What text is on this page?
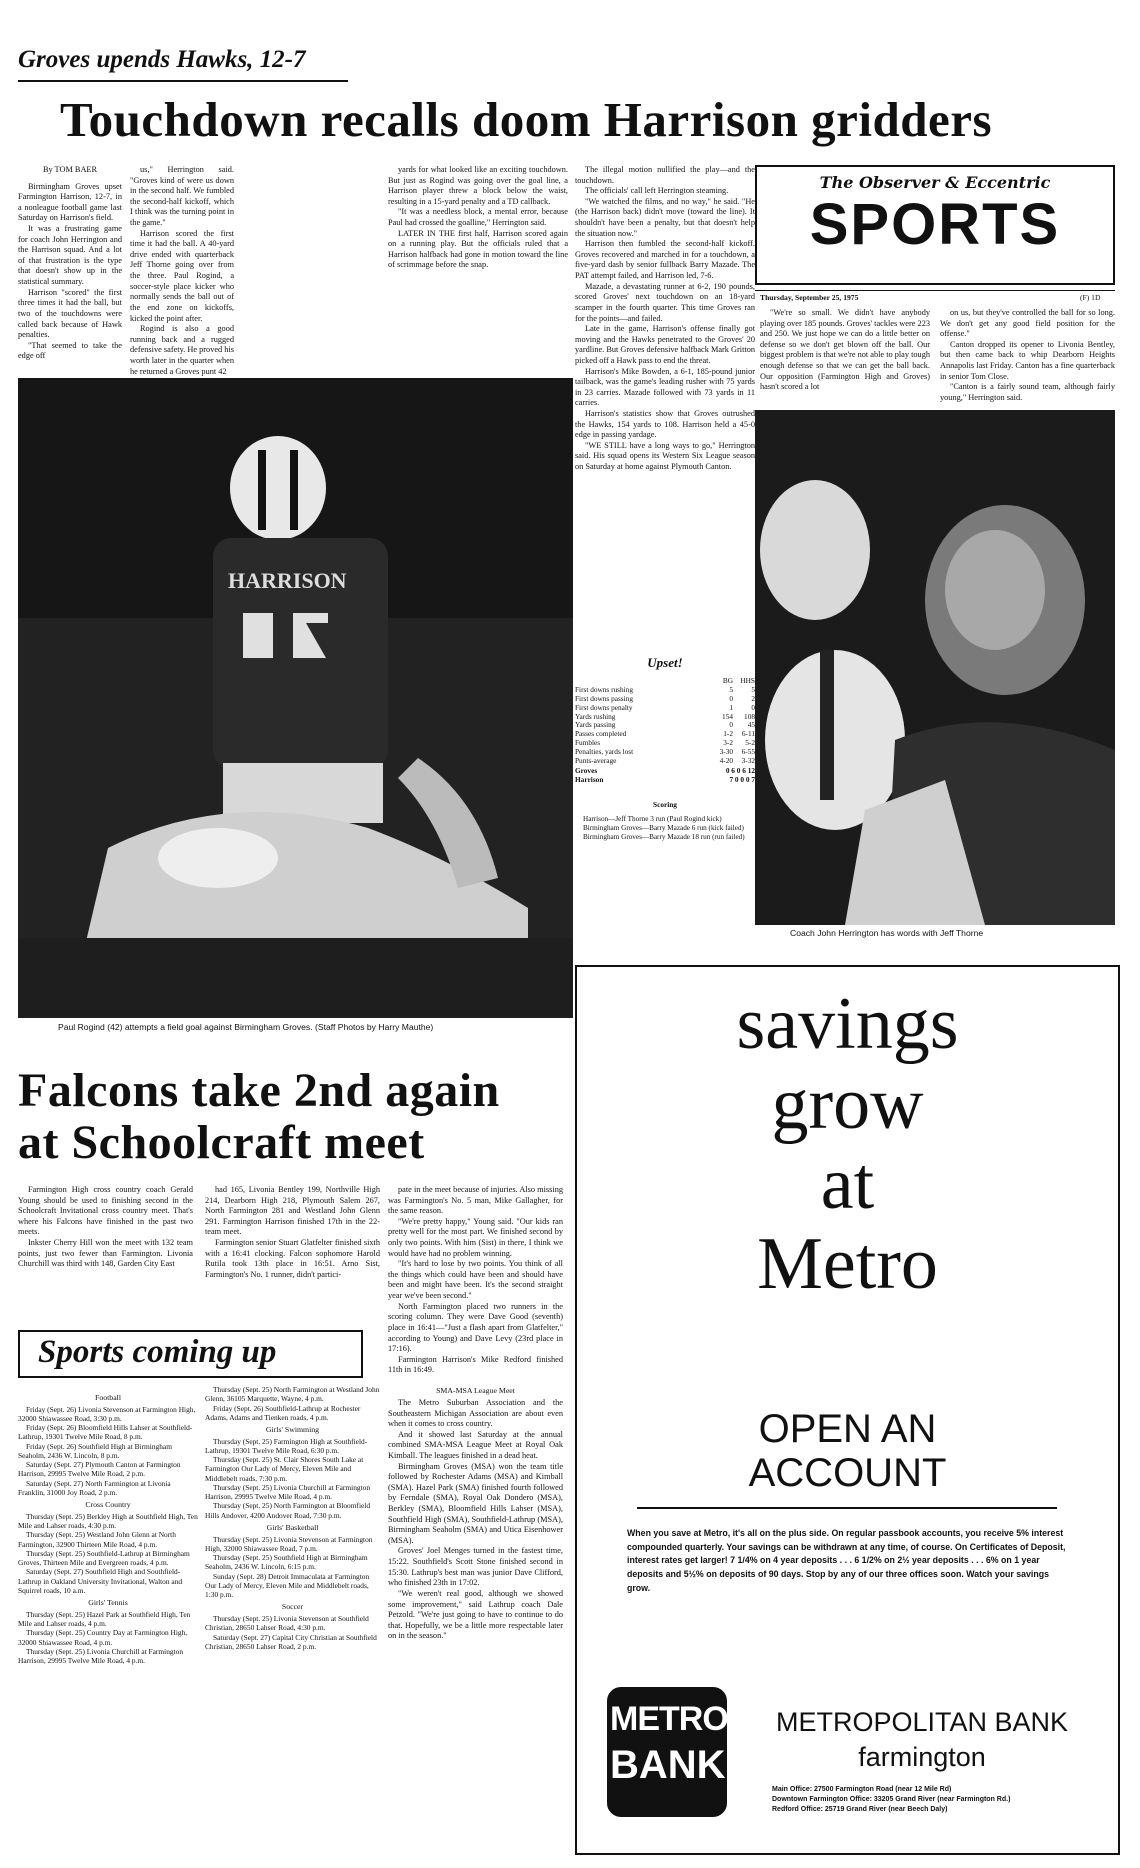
Groves upends Hawks, 12-7
Touchdown recalls doom Harrison gridders
By TOM BAER

Birmingham Groves upset Farmington Harrison, 12-7, in a nonleague football game last Saturday on Harrison's field.

It was a frustrating game for coach John Herrington and the Harrison squad. And a lot of that frustration is the type that doesn't show up in the statistical summary.

Harrison "scored" the first three times it had the ball, but two of the touchdowns were called back because of Hawk penalties.

"That seemed to take the edge off

us," Herrington said. "Groves kind of were us down in the second half. We fumbled the second-half kickoff, which I think was the turning point in the game."

Harrison scored the first time it had the ball. A 40-yard drive ended with quarterback Jeff Thorne going over from the three. Paul Rogind, a soccer-style place kicker who normally sends the ball out of the end zone on kickoffs, kicked the point after.

Rogind is also a good running back and a rugged defensive safety. He proved his worth later in the quarter when he returned a Groves punt 42

yards for what looked like an exciting touchdown. But just as Rogind was going over the goal line, a Harrison player threw a block below the waist, resulting in a 15-yard penalty and a TD callback.

"It was a needless block, a mental error, because Paul had crossed the goalline," Herrington said.

LATER IN THE first half, Harrison scored again on a running play. But the officials ruled that a Harrison halfback had gone in motion toward the line of scrimmage before the snap.

The illegal motion nullified the play—and the touchdown.

The officials' call left Herrington steaming.

"We watched the films, and no way," he said. "He (the Harrison back) didn't move (toward the line). It shouldn't have been a penalty, but that doesn't help the situation now."

Harrison then fumbled the second-half kickoff. Groves recovered and marched in for a touchdown, a five-yard dash by senior fullback Barry Mazade. The PAT attempt failed, and Harrison led, 7-6.

Mazade, a devastating runner at 6-2, 190 pounds, scored Groves' next touchdown on an 18-yard scamper in the fourth quarter. This time Groves ran for the points—and failed.

Late in the game, Harrison's offense finally got moving and the Hawks penetrated to the Groves' 20 yardline. But Groves defensive halfback Mark Gritton picked off a Hawk pass to end the threat.

Harrison's Mike Bowden, a 6-1, 185-pound junior tailback, was the game's leading rusher with 75 yards in 23 carries. Mazade followed with 73 yards in 11 carries.

Harrison's statistics show that Groves outrushed the Hawks, 154 yards to 108. Harrison held a 45-0 edge in passing yardage.

"WE STILL have a long ways to go," Herrington said. His squad opens its Western Six League season on Saturday at home against Plymouth Canton.

The Observer & Eccentric
SPORTS
Thursday, September 25, 1975	(F) 1D

"We're so small. We didn't have anybody playing over 185 pounds. Groves' tackles were 223 and 250. We just hope we can do a little better on defense so we don't get blown off the ball. Our biggest problem is that we're not able to play tough enough defense so that we can get the ball back. Our opposition (Farmington High and Groves) hasn't scored a lot

on us, but they've controlled the ball for so long. We don't get any good field position for the offense."

Canton dropped its opener to Livonia Bentley, but then came back to whip Dearborn Heights Annapolis last Friday. Canton has a fine quarterback in senior Tom Close.

"Canton is a fairly sound team, although fairly young," Herrington said.

HARRISON
Paul Rogind (42) attempts a field goal against Birmingham Groves. (Staff Photos by Harry Mauthe)
Upset!
	BG	HHS
First downs rushing	5	5
First downs passing	0	2
First downs penalty	1	0
Yards rushing	154	108
Yards passing	0	45
Passes completed	1-2	6-11
Fumbles	3-2	5-2
Penalties, yards lost	3-30	6-55
Punts-average	4-20	3-32
Groves	0 6 0 6 12
Harrison	7 0 0 0 7
Scoring

Harrison—Jeff Thorne 3 run (Paul Rogind kick)

Birmingham Groves—Barry Mazade 6 run (kick failed)

Birmingham Groves—Barry Mazade 18 run (run failed)

Coach John Herrington has words with Jeff Thorne
Falcons take 2nd again
at Schoolcraft meet

Farmington High cross country coach Gerald Young should be used to finishing second in the Schoolcraft Invitational cross country meet. That's where his Falcons have finished in the past two meets.

Inkster Cherry Hill won the meet with 132 team points, just two fewer than Farmington. Livonia Churchill was third with 148, Garden City East

had 165, Livonia Bentley 199, Northville High 214, Dearborn High 218, Plymouth Salem 267, North Farmington 281 and Westland John Glenn 291. Farmington Harrison finished 17th in the 22-team meet.

Farmington senior Stuart Glatfelter finished sixth with a 16:41 clocking. Falcon sophomore Harold Rutila took 13th place in 16:51. Arno Sist, Farmington's No. 1 runner, didn't partici-

pate in the meet because of injuries. Also missing was Farmington's No. 5 man, Mike Gallagher, for the same reason.

"We're pretty happy," Young said. "Our kids ran pretty well for the most part. We finished second by only two points. With him (Sist) in there, I think we would have had no problem winning.

"It's hard to lose by two points. You think of all the things which could have been and should have been and might have been. It's the second straight year we've been second."

North Farmington placed two runners in the scoring column. They were Dave Good (seventh) place in 16:41—"Just a flash apart from Glatfelter," according to Young) and Dave Levy (23rd place in 17:16).

Farmington Harrison's Mike Redford finished 11th in 16:49.

SMA-MSA League Meet

The Metro Suburban Association and the Southeastern Michigan Association are about even when it comes to cross country.

And it showed last Saturday at the annual combined SMA-MSA League Meet at Royal Oak Kimball. The leagues finished in a dead heat.

Birmingham Groves (MSA) won the team title followed by Rochester Adams (MSA) and Kimball (SMA). Hazel Park (SMA) finished fourth followed by Ferndale (SMA), Royal Oak Dondero (MSA), Berkley (SMA), Bloomfield Hills Lahser (MSA), Southfield High (SMA), Southfield-Lathrup (MSA), Birmingham Seaholm (SMA) and Utica Eisenhower (MSA).

Groves' Joel Menges turned in the fastest time, 15:22. Southfield's Scott Stone finished second in 15:30. Lathrup's best man was junior Dave Clifford, who finished 23th in 17:02.

"We weren't real good, although we showed some improvement," said Lathrup coach Dale Petzold. "We're just going to have to continue to do that. Hopefully, we be a little more respectable later on in the season."

Sports coming up
Football

Friday (Sept. 26) Livonia Stevenson at Farmington High, 32000 Shiawassee Road, 3:30 p.m.

Friday (Sept. 26) Bloomfield Hills Lahser at Southfield-Lathrup, 19301 Twelve Mile Road, 8 p.m.

Friday (Sept. 26) Southfield High at Birmingham Seaholm, 2436 W. Lincoln, 8 p.m.

Saturday (Sept. 27) Plymouth Canton at Farmington Harrison, 29995 Twelve Mile Road, 2 p.m.

Saturday (Sept. 27) North Farmington at Livonia Franklin, 31000 Joy Road, 2 p.m.

Cross Country

Thursday (Sept. 25) Berkley High at Southfield High, Ten Mile and Lahser roads, 4:30 p.m.

Thursday (Sept. 25) Westland John Glenn at North Farmington, 32900 Thirteen Mile Road, 4 p.m.

Thursday (Sept. 25) Southfield-Lathrup at Birmingham Groves, Thirteen Mile and Evergreen roads, 4 p.m.

Saturday (Sept. 27) Southfield High and Southfield-Lathrup in Oakland University Invitational, Walton and Squirrel roads, 10 a.m.

Girls' Tennis

Thursday (Sept. 25) Hazel Park at Southfield High, Ten Mile and Lahser roads, 4 p.m.

Thursday (Sept. 25) Country Day at Farmington High, 32000 Shiawassee Road, 4 p.m.

Thursday (Sept. 25) Livonia Churchill at Farmington Harrison, 29995 Twelve Mile Road, 4 p.m.

Thursday (Sept. 25) North Farmington at Westland John Glenn, 36105 Marquette, Wayne, 4 p.m.

Friday (Sept. 26) Southfield-Lathrup at Rochester Adams, Adams and Tienken roads, 4 p.m.

Girls' Swimming

Thursday (Sept. 25) Farmington High at Southfield-Lathrup, 19301 Twelve Mile Road, 6:30 p.m.

Thursday (Sept. 25) St. Clair Shores South Lake at Farmington Our Lady of Mercy, Eleven Mile and Middlebelt roads, 7:30 p.m.

Thursday (Sept. 25) Livonia Churchill at Farmington Harrison, 29995 Twelve Mile Road, 4 p.m.

Thursday (Sept. 25) North Farmington at Bloomfield Hills Andover, 4200 Andover Road, 7:30 p.m.

Girls' Basketball

Thursday (Sept. 25) Livonia Stevenson at Farmington High, 32000 Shiawassee Road, 7 p.m.

Thursday (Sept. 25) Southfield High at Birmingham Seaholm, 2436 W. Lincoln, 6:15 p.m.

Sunday (Sept. 28) Detroit Immaculata at Farmington Our Lady of Mercy, Eleven Mile and Middlebelt roads, 1:30 p.m.

Soccer

Thursday (Sept. 25) Livonia Stevenson at Southfield Christian, 28650 Lahser Road, 4:30 p.m.

Saturday (Sept. 27) Capital City Christian at Southfield Christian, 28650 Lahser Road, 2 p.m.

savings
grow
at
Metro
OPEN AN
ACCOUNT
When you save at Metro, it's all on the plus side. On regular passbook accounts, you receive 5% interest compounded quarterly. Your savings can be withdrawn at any time, of course. On Certificates of Deposit, interest rates get larger! 7 1/4% on 4 year deposits . . . 6 1/2% on 2½ year deposits . . . 6% on 1 year deposits and 5½% on deposits of 90 days. Stop by any of our three offices soon. Watch your savings grow.
METRO
BANK
METROPOLITAN BANK
farmington
Main Office: 27500 Farmington Road (near 12 Mile Rd)
Downtown Farmington Office: 33205 Grand River (near Farmington Rd.)
Redford Office: 25719 Grand River (near Beech Daly)
